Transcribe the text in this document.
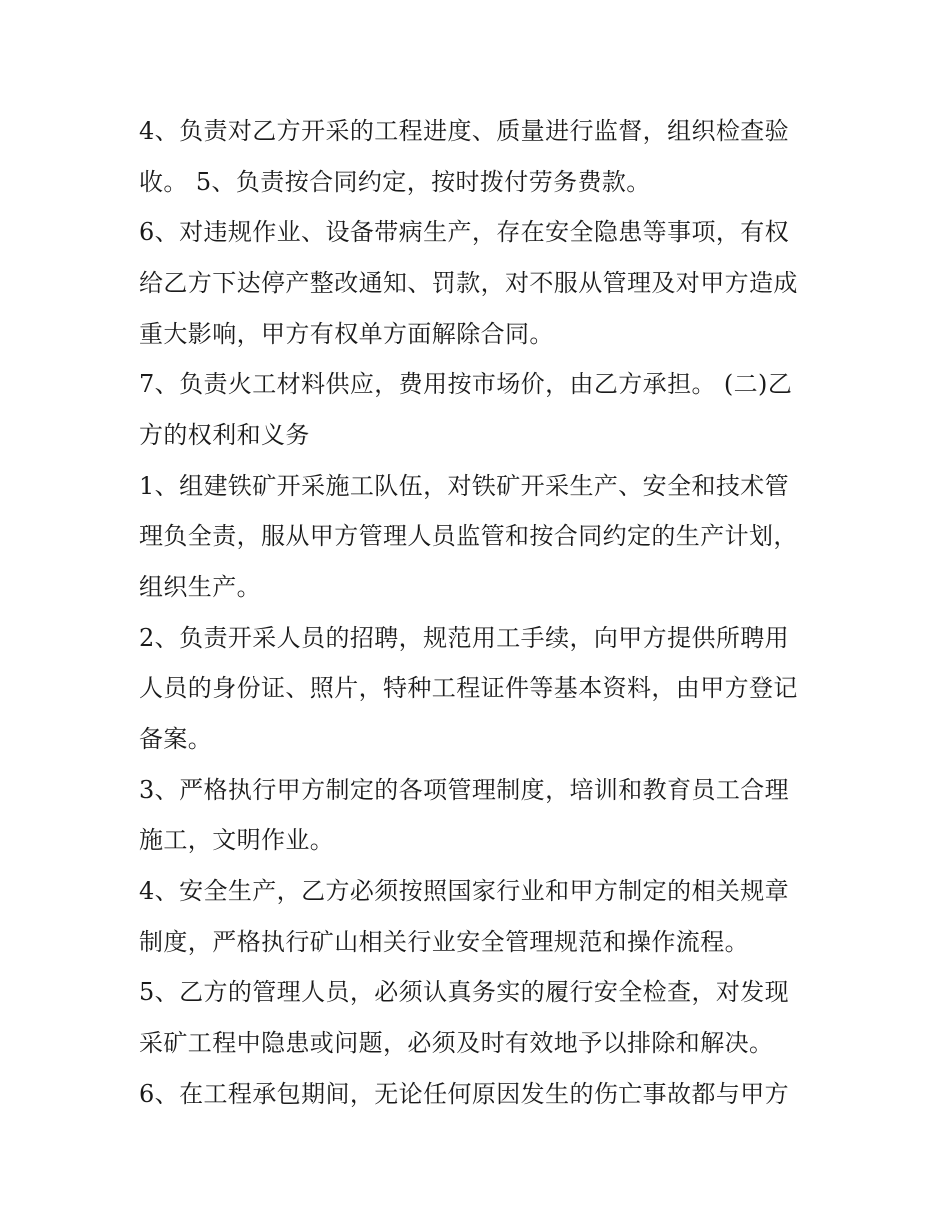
4、负责对乙方开采的工程进度、质量进行监督，组织检查验
收。 5、负责按合同约定，按时拨付劳务费款。
6、对违规作业、设备带病生产，存在安全隐患等事项，有权
给乙方下达停产整改通知、罚款，对不服从管理及对甲方造成
重大影响，甲方有权单方面解除合同。
7、负责火工材料供应，费用按市场价，由乙方承担。 (二)乙
方的权利和义务
1、组建铁矿开采施工队伍，对铁矿开采生产、安全和技术管
理负全责，服从甲方管理人员监管和按合同约定的生产计划，
组织生产。
2、负责开采人员的招聘，规范用工手续，向甲方提供所聘用
人员的身份证、照片，特种工程证件等基本资料，由甲方登记
备案。
3、严格执行甲方制定的各项管理制度，培训和教育员工合理
施工，文明作业。
4、安全生产，乙方必须按照国家行业和甲方制定的相关规章
制度，严格执行矿山相关行业安全管理规范和操作流程。
5、乙方的管理人员，必须认真务实的履行安全检查，对发现
采矿工程中隐患或问题，必须及时有效地予以排除和解决。
6、在工程承包期间，无论任何原因发生的伤亡事故都与甲方
